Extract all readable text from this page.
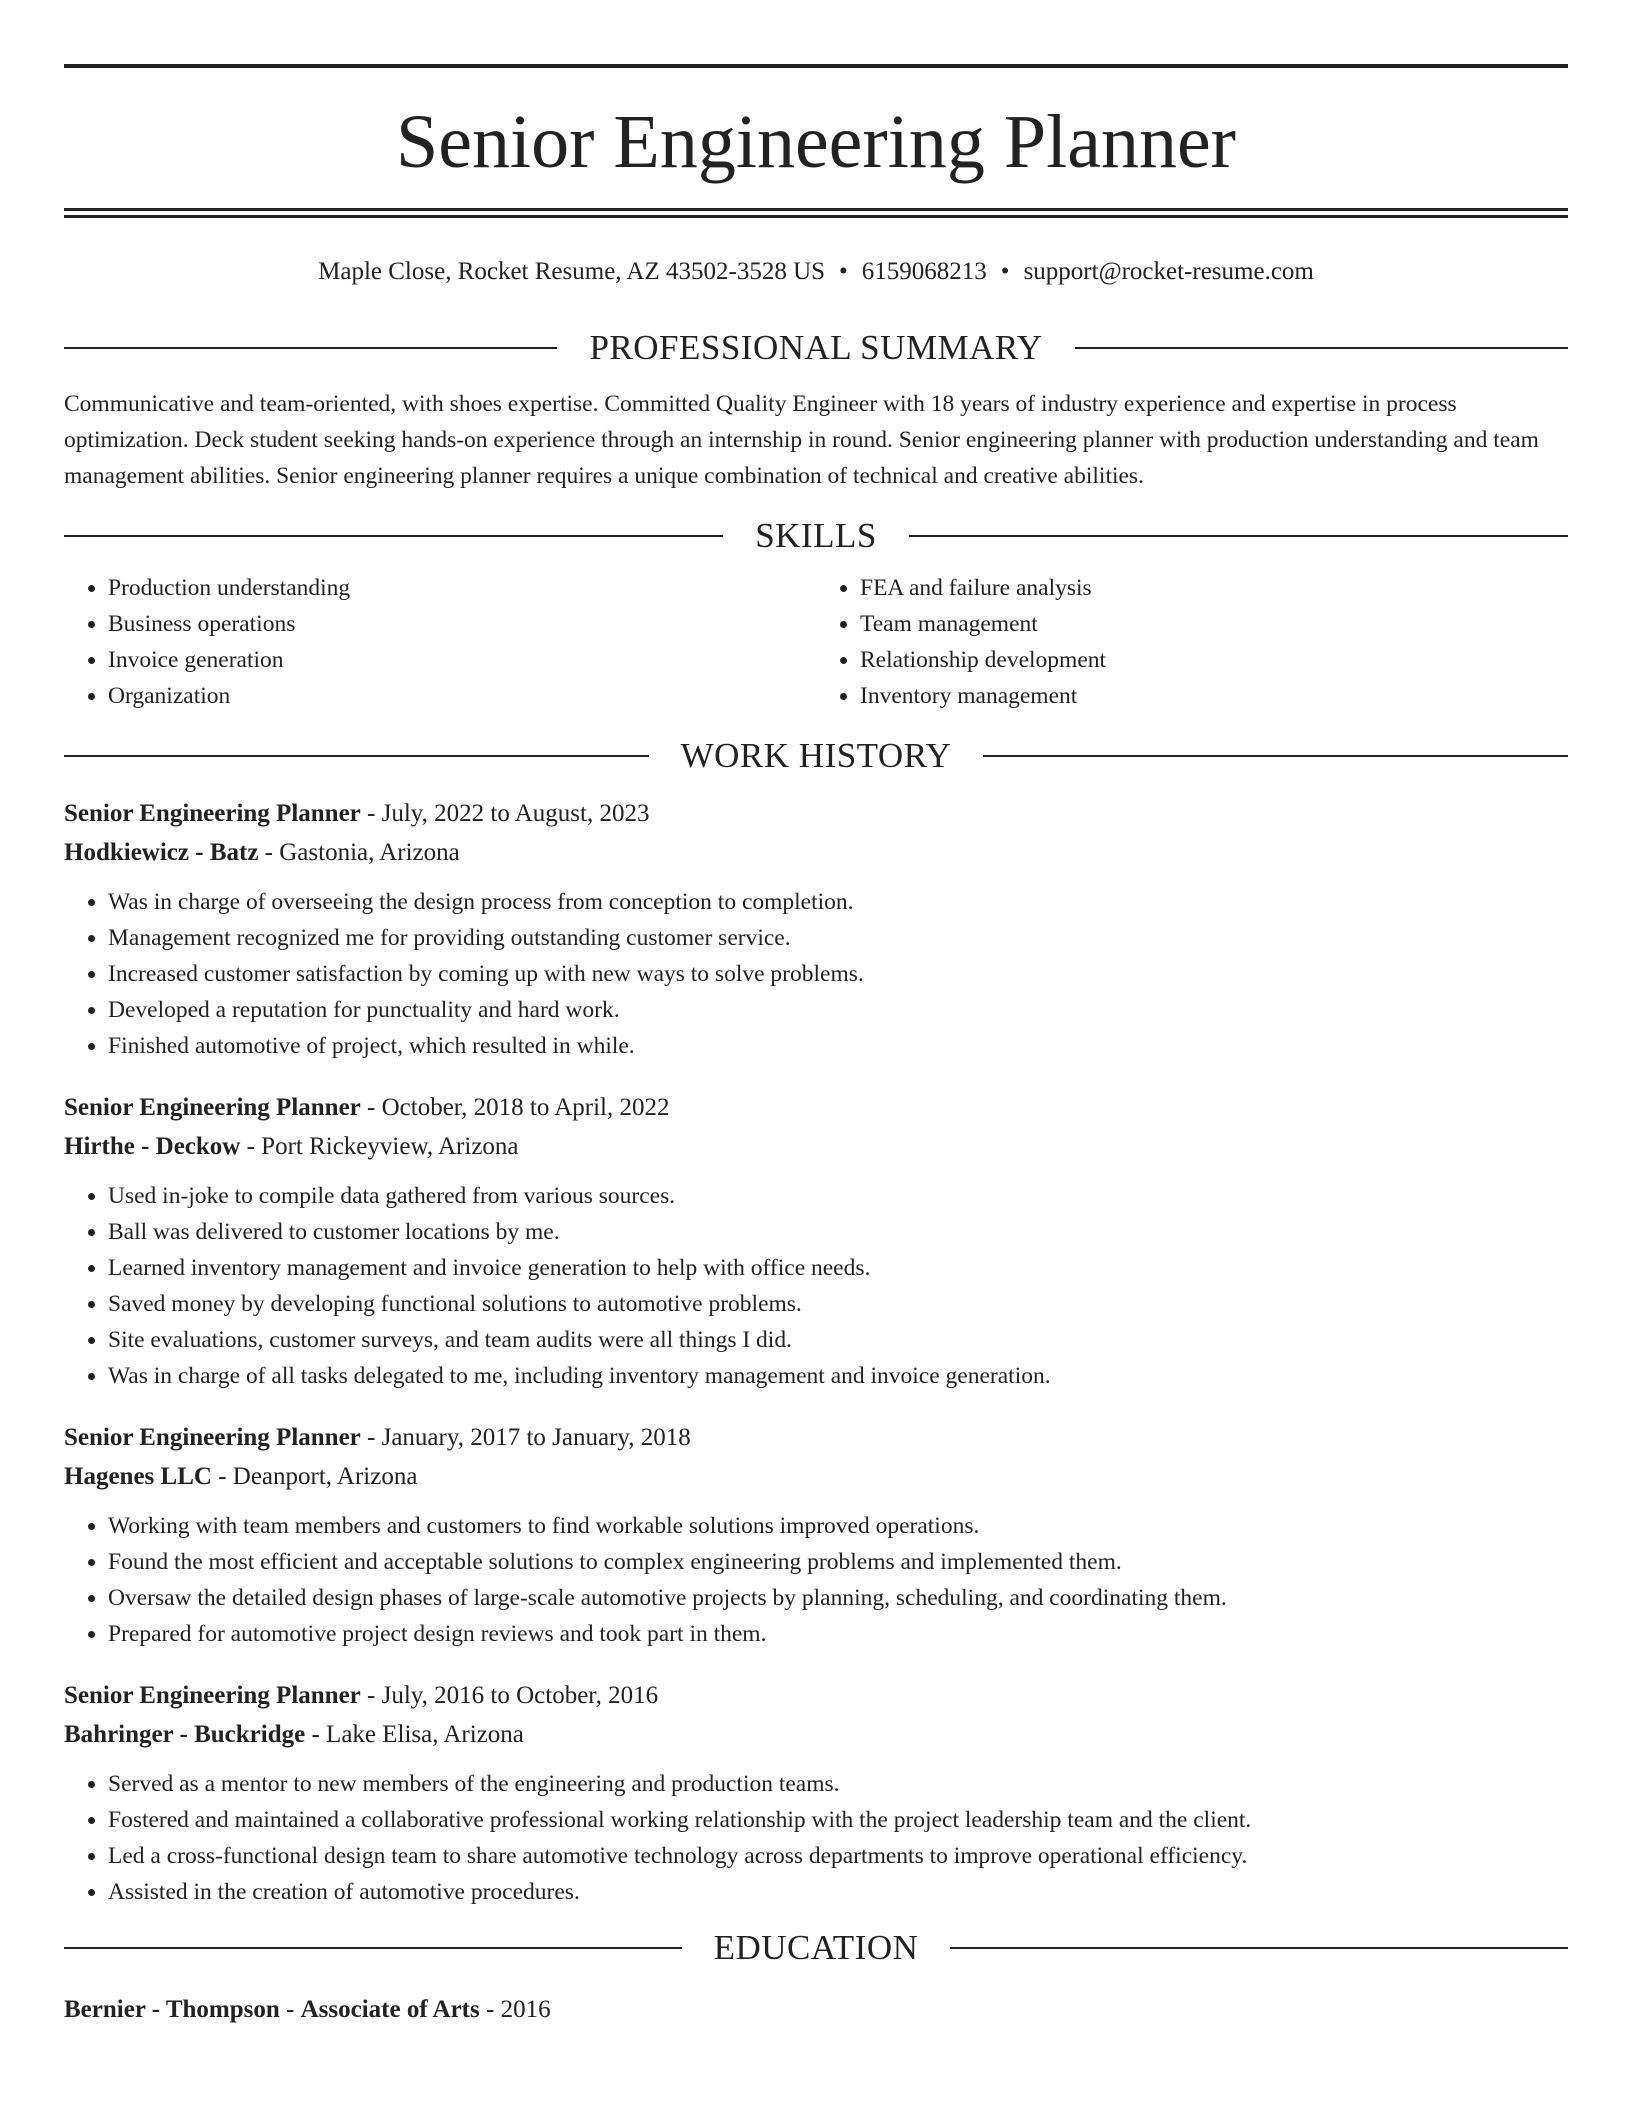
Senior Engineering Planner
Maple Close, Rocket Resume, AZ 43502-3528 US • 6159068213 • support@rocket-resume.com
PROFESSIONAL SUMMARY
Communicative and team-oriented, with shoes expertise. Committed Quality Engineer with 18 years of industry experience and expertise in process optimization. Deck student seeking hands-on experience through an internship in round. Senior engineering planner with production understanding and team management abilities. Senior engineering planner requires a unique combination of technical and creative abilities.
SKILLS
• Production understanding
• Business operations
• Invoice generation
• Organization
• FEA and failure analysis
• Team management
• Relationship development
• Inventory management
WORK HISTORY
Senior Engineering Planner - July, 2022 to August, 2023
Hodkiewicz - Batz - Gastonia, Arizona
• Was in charge of overseeing the design process from conception to completion.
• Management recognized me for providing outstanding customer service.
• Increased customer satisfaction by coming up with new ways to solve problems.
• Developed a reputation for punctuality and hard work.
• Finished automotive of project, which resulted in while.
Senior Engineering Planner - October, 2018 to April, 2022
Hirthe - Deckow - Port Rickeyview, Arizona
• Used in-joke to compile data gathered from various sources.
• Ball was delivered to customer locations by me.
• Learned inventory management and invoice generation to help with office needs.
• Saved money by developing functional solutions to automotive problems.
• Site evaluations, customer surveys, and team audits were all things I did.
• Was in charge of all tasks delegated to me, including inventory management and invoice generation.
Senior Engineering Planner - January, 2017 to January, 2018
Hagenes LLC - Deanport, Arizona
• Working with team members and customers to find workable solutions improved operations.
• Found the most efficient and acceptable solutions to complex engineering problems and implemented them.
• Oversaw the detailed design phases of large-scale automotive projects by planning, scheduling, and coordinating them.
• Prepared for automotive project design reviews and took part in them.
Senior Engineering Planner - July, 2016 to October, 2016
Bahringer - Buckridge - Lake Elisa, Arizona
• Served as a mentor to new members of the engineering and production teams.
• Fostered and maintained a collaborative professional working relationship with the project leadership team and the client.
• Led a cross-functional design team to share automotive technology across departments to improve operational efficiency.
• Assisted in the creation of automotive procedures.
EDUCATION
Bernier - Thompson - Associate of Arts - 2016
